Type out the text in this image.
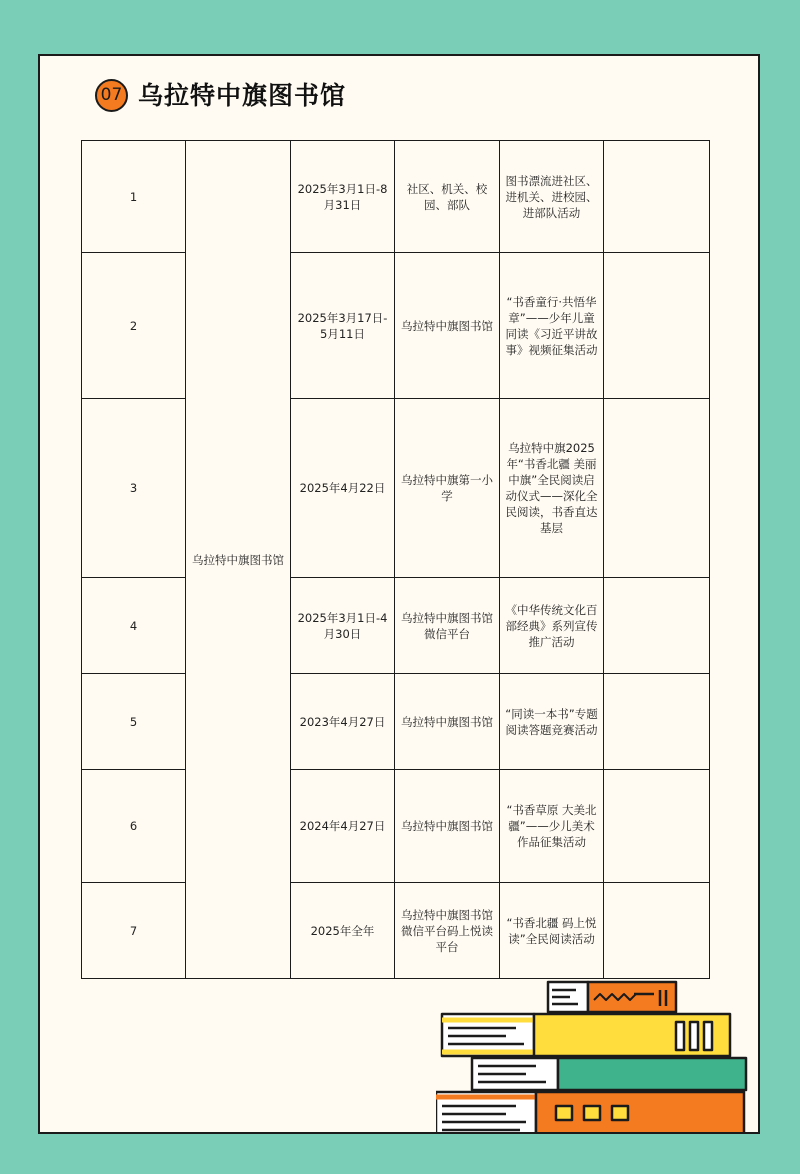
07 乌拉特中旗图书馆
1	乌拉特中旗图书馆	2025年3月1日-8月31日	社区、机关、校园、部队	图书漂流进社区、进机关、进校园、进部队活动	
2		2025年3月17日-5月11日	乌拉特中旗图书馆	“书香童行·共悟华章”——少年儿童同读《习近平讲故事》视频征集活动	
3		2025年4月22日	乌拉特中旗第一小学	乌拉特中旗2025年“书香北疆 美丽中旗”全民阅读启动仪式——深化全民阅读，书香直达基层	
4		2025年3月1日-4月30日	乌拉特中旗图书馆微信平台	《中华传统文化百部经典》系列宣传推广活动	
5		2023年4月27日	乌拉特中旗图书馆	“同读一本书”专题阅读答题竞赛活动	
6		2024年4月27日	乌拉特中旗图书馆	“书香草原 大美北疆”——少儿美术作品征集活动	
7		2025年全年	乌拉特中旗图书馆微信平台码上悦读平台	“书香北疆 码上悦读”全民阅读活动	
